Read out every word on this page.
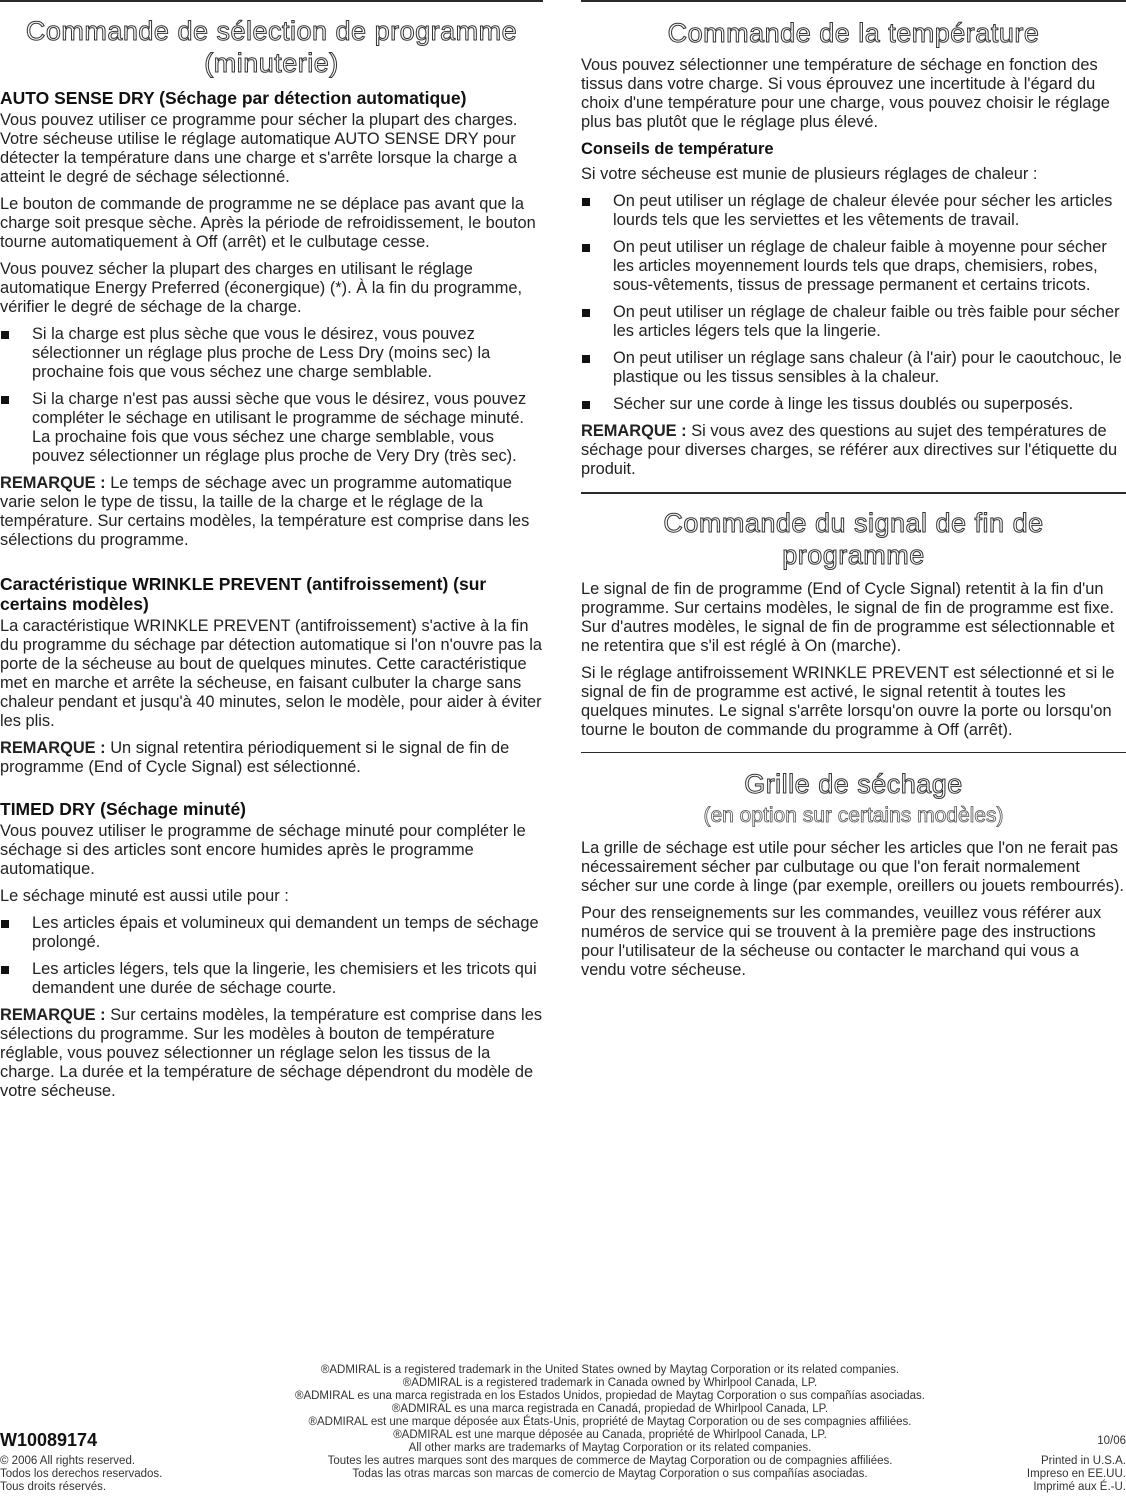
Commande de sélection de programme
(minuterie)
AUTO SENSE DRY (Séchage par détection automatique)

Vous pouvez utiliser ce programme pour sécher la plupart des charges. Votre sécheuse utilise le réglage automatique AUTO SENSE DRY pour détecter la température dans une charge et s'arrête lorsque la charge a atteint le degré de séchage sélectionné.

Le bouton de commande de programme ne se déplace pas avant que la charge soit presque sèche. Après la période de refroidissement, le bouton tourne automatiquement à Off (arrêt) et le culbutage cesse.

Vous pouvez sécher la plupart des charges en utilisant le réglage automatique Energy Preferred (éconergique) (*). À la fin du programme, vérifier le degré de séchage de la charge.

Si la charge est plus sèche que vous le désirez, vous pouvez sélectionner un réglage plus proche de Less Dry (moins sec) la prochaine fois que vous séchez une charge semblable.
Si la charge n'est pas aussi sèche que vous le désirez, vous pouvez compléter le séchage en utilisant le programme de séchage minuté. La prochaine fois que vous séchez une charge semblable, vous pouvez sélectionner un réglage plus proche de Very Dry (très sec).

REMARQUE : Le temps de séchage avec un programme automatique varie selon le type de tissu, la taille de la charge et le réglage de la température. Sur certains modèles, la température est comprise dans les sélections du programme.

Caractéristique WRINKLE PREVENT (antifroissement) (sur certains modèles)

La caractéristique WRINKLE PREVENT (antifroissement) s'active à la fin du programme du séchage par détection automatique si l'on n'ouvre pas la porte de la sécheuse au bout de quelques minutes. Cette caractéristique met en marche et arrête la sécheuse, en faisant culbuter la charge sans chaleur pendant et jusqu'à 40 minutes, selon le modèle, pour aider à éviter les plis.

REMARQUE : Un signal retentira périodiquement si le signal de fin de programme (End of Cycle Signal) est sélectionné.

TIMED DRY (Séchage minuté)

Vous pouvez utiliser le programme de séchage minuté pour compléter le séchage si des articles sont encore humides après le programme automatique.

Le séchage minuté est aussi utile pour :

Les articles épais et volumineux qui demandent un temps de séchage prolongé.
Les articles légers, tels que la lingerie, les chemisiers et les tricots qui demandent une durée de séchage courte.

REMARQUE : Sur certains modèles, la température est comprise dans les sélections du programme. Sur les modèles à bouton de température réglable, vous pouvez sélectionner un réglage selon les tissus de la charge. La durée et la température de séchage dépendront du modèle de votre sécheuse.

Commande de la température

Vous pouvez sélectionner une température de séchage en fonction des tissus dans votre charge. Si vous éprouvez une incertitude à l'égard du choix d'une température pour une charge, vous pouvez choisir le réglage plus bas plutôt que le réglage plus élevé.

Conseils de température

Si votre sécheuse est munie de plusieurs réglages de chaleur :

On peut utiliser un réglage de chaleur élevée pour sécher les articles lourds tels que les serviettes et les vêtements de travail.
On peut utiliser un réglage de chaleur faible à moyenne pour sécher les articles moyennement lourds tels que draps, chemisiers, robes, sous-vêtements, tissus de pressage permanent et certains tricots.
On peut utiliser un réglage de chaleur faible ou très faible pour sécher les articles légers tels que la lingerie.
On peut utiliser un réglage sans chaleur (à l'air) pour le caoutchouc, le plastique ou les tissus sensibles à la chaleur.
Sécher sur une corde à linge les tissus doublés ou superposés.

REMARQUE : Si vous avez des questions au sujet des températures de séchage pour diverses charges, se référer aux directives sur l'étiquette du produit.

Commande du signal de fin de
programme

Le signal de fin de programme (End of Cycle Signal) retentit à la fin d'un programme. Sur certains modèles, le signal de fin de programme est fixe. Sur d'autres modèles, le signal de fin de programme est sélectionnable et ne retentira que s'il est réglé à On (marche).

Si le réglage antifroissement WRINKLE PREVENT est sélectionné et si le signal de fin de programme est activé, le signal retentit à toutes les quelques minutes. Le signal s'arrête lorsqu'on ouvre la porte ou lorsqu'on tourne le bouton de commande du programme à Off (arrêt).

Grille de séchage
(en option sur certains modèles)

La grille de séchage est utile pour sécher les articles que l'on ne ferait pas nécessairement sécher par culbutage ou que l'on ferait normalement sécher sur une corde à linge (par exemple, oreillers ou jouets rembourrés).

Pour des renseignements sur les commandes, veuillez vous référer aux numéros de service qui se trouvent à la première page des instructions pour l'utilisateur de la sécheuse ou contacter le marchand qui vous a vendu votre sécheuse.

W10089174
© 2006 All rights reserved.
Todos los derechos reservados.
Tous droits réservés.
®ADMIRAL is a registered trademark in the United States owned by Maytag Corporation or its related companies.
®ADMIRAL is a registered trademark in Canada owned by Whirlpool Canada, LP.
®ADMIRAL es una marca registrada en los Estados Unidos, propiedad de Maytag Corporation o sus compañías asociadas.
®ADMIRAL es una marca registrada en Canadá, propiedad de Whirlpool Canada, LP.
®ADMIRAL est une marque déposée aux États-Unis, propriété de Maytag Corporation ou de ses compagnies affiliées.
®ADMIRAL est une marque déposée au Canada, propriété de Whirlpool Canada, LP.
All other marks are trademarks of Maytag Corporation or its related companies.
Toutes les autres marques sont des marques de commerce de Maytag Corporation ou de compagnies affiliées.
Todas las otras marcas son marcas de comercio de Maytag Corporation o sus compañías asociadas.
10/06
Printed in U.S.A.
Impreso en EE.UU.
Imprimé aux É.-U.
